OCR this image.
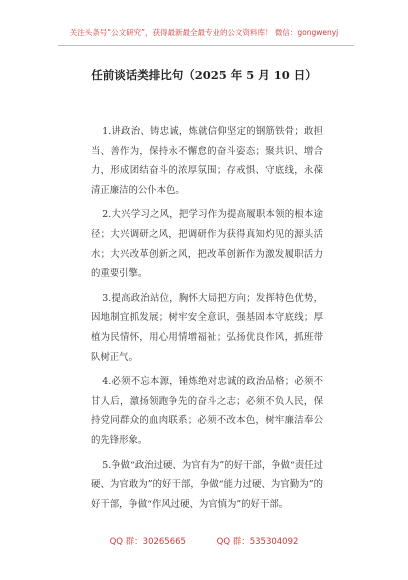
关注头条号“公文研究”，获得最新最全最专业的公文资料库！ 微信：gongwenyj
任前谈话类排比句（2025 年 5 月 10 日）

1.讲政治、铸忠诚，炼就信仰坚定的钢筋铁骨；敢担当、善作为，保持永不懈怠的奋斗姿态；聚共识、增合力，形成团结奋斗的浓厚氛围；存戒惧、守底线，永葆清正廉洁的公仆本色。

2.大兴学习之风，把学习作为提高履职本领的根本途径；大兴调研之风，把调研作为获得真知灼见的源头活水；大兴改革创新之风，把改革创新作为激发履职活力的重要引擎。

3.提高政治站位，胸怀大局把方向；发挥特色优势，因地制宜抓发展；树牢安全意识，强基固本守底线；厚植为民情怀，用心用情增福祉；弘扬优良作风，抓班带队树正气。

4.必须不忘本源，锤炼绝对忠诚的政治品格；必须不甘人后，激扬领跑争先的奋斗之志；必须不负人民，保持党同群众的血肉联系；必须不改本色，树牢廉洁奉公的先锋形象。

5.争做“政治过硬、为官有为”的好干部，争做“责任过硬、为官敢为”的好干部，争做“能力过硬、为官勤为”的好干部，争做“作风过硬、为官慎为”的好干部。

QQ 群：30265665	QQ 群：535304092
